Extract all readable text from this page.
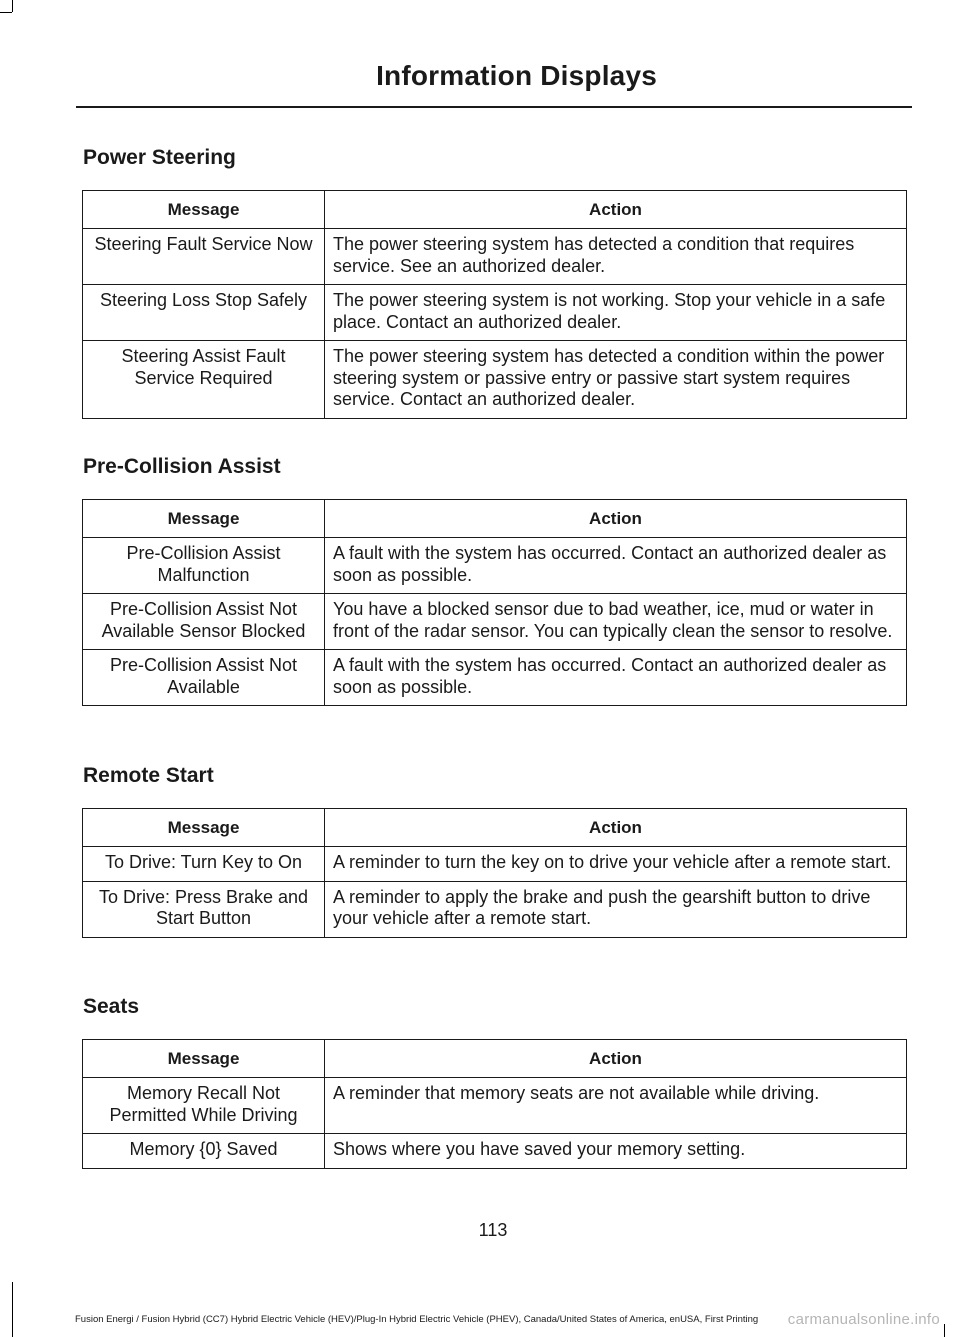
Information Displays
Power Steering
Message	Action
Steering Fault Service Now	The power steering system has detected a condition that requires service. See an authorized dealer.
Steering Loss Stop Safely	The power steering system is not working. Stop your vehicle in a safe place. Contact an authorized dealer.
Steering Assist Fault Service Required	The power steering system has detected a condition within the power steering system or passive entry or passive start system requires service. Contact an authorized dealer.
Pre-Collision Assist
Message	Action
Pre-Collision Assist Malfunction	A fault with the system has occurred. Contact an authorized dealer as soon as possible.
Pre-Collision Assist Not Available Sensor Blocked	You have a blocked sensor due to bad weather, ice, mud or water in front of the radar sensor. You can typically clean the sensor to resolve.
Pre-Collision Assist Not Available	A fault with the system has occurred. Contact an authorized dealer as soon as possible.
Remote Start
Message	Action
To Drive: Turn Key to On	A reminder to turn the key on to drive your vehicle after a remote start.
To Drive: Press Brake and Start Button	A reminder to apply the brake and push the gearshift button to drive your vehicle after a remote start.
Seats
Message	Action
Memory Recall Not Permitted While Driving	A reminder that memory seats are not available while driving.
Memory {0} Saved	Shows where you have saved your memory setting.
113
Fusion Energi / Fusion Hybrid (CC7) Hybrid Electric Vehicle (HEV)/Plug-In Hybrid Electric Vehicle (PHEV), Canada/United States of America, enUSA, First Printing carmanualsonline.info
